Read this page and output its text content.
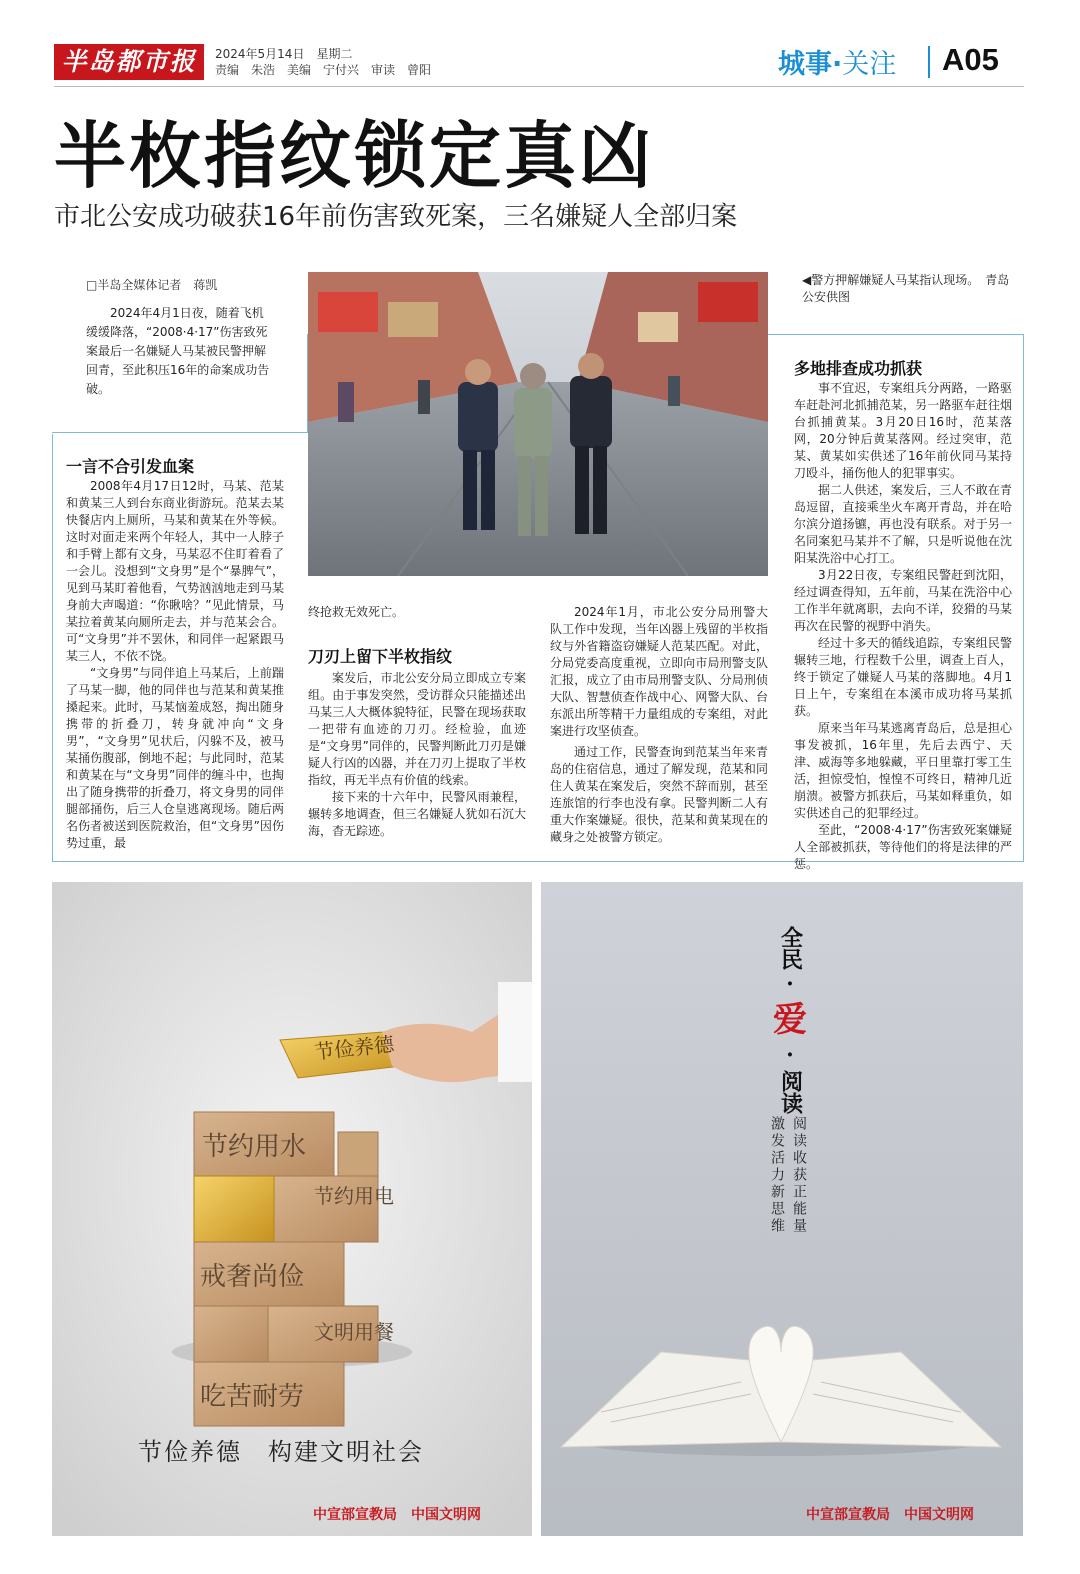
半岛都市报	2024年5月14日　星期二
责编　朱浩　美编　宁付兴　审读　曾阳	城事·关注 A05
半枚指纹锁定真凶
市北公安成功破获16年前伤害致死案，三名嫌疑人全部归案
□半岛全媒体记者　蒋凯
2024年4月1日夜，随着飞机缓缓降落，“2008·4·17”伤害致死案最后一名嫌疑人马某被民警押解回青，至此积压16年的命案成功告破。
◀警方押解嫌疑人马某指认现场。　青岛公安供图
一言不合引发血案

2008年4月17日12时，马某、范某和黄某三人到台东商业街游玩。范某去某快餐店内上厕所，马某和黄某在外等候。这时对面走来两个年轻人，其中一人脖子和手臂上都有文身，马某忍不住盯着看了一会儿。没想到“文身男”是个“暴脾气”，见到马某盯着他看，气势汹汹地走到马某身前大声喝道：“你瞅啥？”见此情景，马某拉着黄某向厕所走去，并与范某会合。可“文身男”并不罢休，和同伴一起紧跟马某三人，不依不饶。

“文身男”与同伴追上马某后，上前踹了马某一脚，他的同伴也与范某和黄某推搡起来。此时，马某恼羞成怒，掏出随身携带的折叠刀，转身就冲向“文身男”，“文身男”见状后，闪躲不及，被马某捅伤腹部，倒地不起；与此同时，范某和黄某在与“文身男”同伴的缠斗中，也掏出了随身携带的折叠刀，将文身男的同伴腿部捅伤，后三人仓皇逃离现场。随后两名伤者被送到医院救治，但“文身男”因伤势过重，最

终抢救无效死亡。
刀刃上留下半枚指纹

案发后，市北公安分局立即成立专案组。由于事发突然，受访群众只能描述出马某三人大概体貌特征，民警在现场获取一把带有血迹的刀刃。经检验，血迹是“文身男”同伴的，民警判断此刀刃是嫌疑人行凶的凶器，并在刀刃上提取了半枚指纹，再无半点有价值的线索。

接下来的十六年中，民警风雨兼程，辗转多地调查，但三名嫌疑人犹如石沉大海，杳无踪迹。

2024年1月，市北公安分局刑警大队工作中发现，当年凶器上残留的半枚指纹与外省籍盗窃嫌疑人范某匹配。对此，分局党委高度重视，立即向市局刑警支队汇报，成立了由市局刑警支队、分局刑侦大队、智慧侦查作战中心、网警大队、台东派出所等精干力量组成的专案组，对此案进行攻坚侦查。

通过工作，民警查询到范某当年来青岛的住宿信息，通过了解发现，范某和同住人黄某在案发后，突然不辞而别，甚至连旅馆的行李也没有拿。民警判断二人有重大作案嫌疑。很快，范某和黄某现在的藏身之处被警方锁定。

多地排查成功抓获

事不宜迟，专案组兵分两路，一路驱车赶赴河北抓捕范某，另一路驱车赶往烟台抓捕黄某。3月20日16时，范某落网，20分钟后黄某落网。经过突审，范某、黄某如实供述了16年前伙同马某持刀殴斗，捅伤他人的犯罪事实。

据二人供述，案发后，三人不敢在青岛逗留，直接乘坐火车离开青岛，并在哈尔滨分道扬镳，再也没有联系。对于另一名同案犯马某并不了解，只是听说他在沈阳某洗浴中心打工。

3月22日夜，专案组民警赶到沈阳，经过调查得知，五年前，马某在洗浴中心工作半年就离职，去向不详，狡猾的马某再次在民警的视野中消失。

经过十多天的循线追踪，专案组民警辗转三地，行程数千公里，调查上百人，终于锁定了嫌疑人马某的落脚地。4月1日上午，专案组在本溪市成功将马某抓获。

原来当年马某逃离青岛后，总是担心事发被抓，16年里，先后去西宁、天津、威海等多地躲藏，平日里靠打零工生活，担惊受怕，惶惶不可终日，精神几近崩溃。被警方抓获后，马某如释重负，如实供述自己的犯罪经过。

至此，“2008·4·17”伤害致死案嫌疑人全部被抓获，等待他们的将是法律的严惩。

节俭养德
节约用水
节约用电
戒奢尚俭
文明用餐
吃苦耐劳
节俭养德　构建文明社会
中宣部宣教局　中国文明网
全民
·
爱
·
阅读
阅读收获正能量
激发活力新思维
中宣部宣教局　中国文明网
